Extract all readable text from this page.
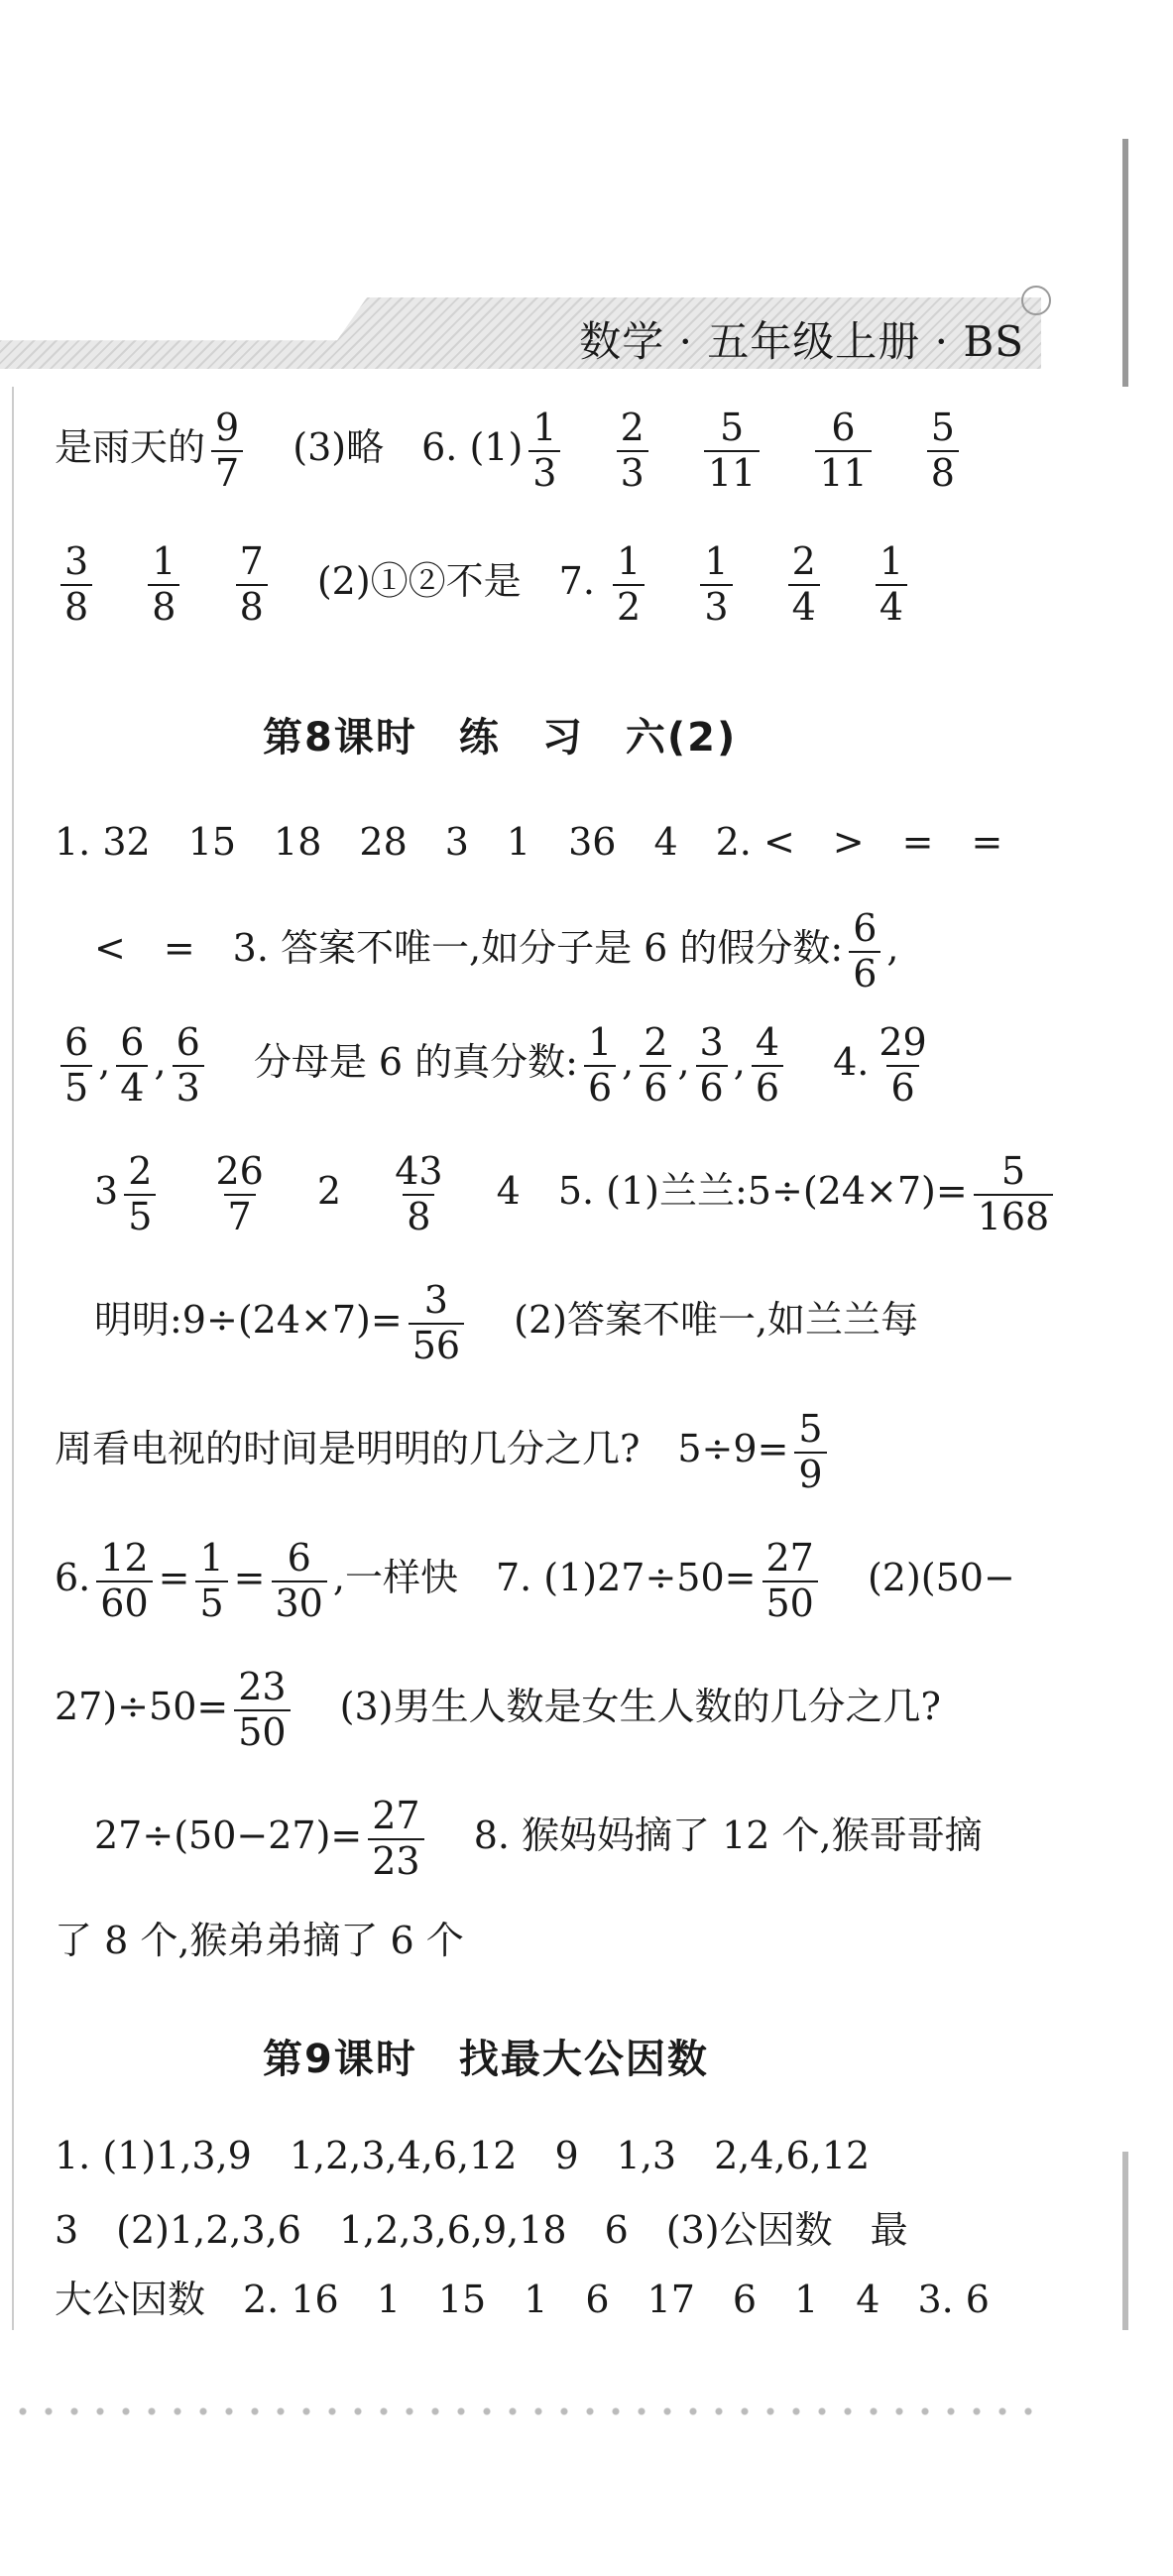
数学 · 五年级上册 · BS
是雨天的 $\frac{9}{7} (3)$略　6. $(1) \frac{1}{3}$
$\frac{2}{3}$
$\frac{5}{11}$
$\frac{6}{11}$
$\frac{5}{8}$
$\frac{3}{8}$
$\frac{1}{8}$
$\frac{7}{8}$ (2)①②不是　7. $\frac{1}{2}$
$\frac{1}{3}$
$\frac{2}{4}$
$\frac{1}{4}$
第8课时　练　习　六(2)
1. 32　15　18　28　3　1　36　4　2. <　>　=　=
<　=　3. 答案不唯一,如分子是 6 的假分数: $\frac{6}{6}$ ,
$\frac{6}{5}$ , $\frac{6}{4}$ , $\frac{6}{3}$ 分母是 6 的真分数: $\frac{1}{6}$ , $\frac{2}{6}$ , $\frac{3}{6}$ , $\frac{4}{6} 4$. $\frac{29}{6}$
$3 \frac{2}{5}$
$\frac{26}{7} 2 \frac{43}{8} 4$　5. (1)兰兰:5÷(24×7)= $\frac{5}{168}$
明明:9÷(24×7)= $\frac{3}{56} (2)$答案不唯一,如兰兰每
周看电视的时间是明明的几分之几?　$5\div 9= \frac{5}{9}$
6. $\frac{12}{60} = \frac{1}{5} = \frac{6}{30}$ ,一样快　7. $(1)27\div 50= \frac{27}{50} (2)(50-$
$27)\div 50= \frac{23}{50} (3)$男生人数是女生人数的几分之几?
$27\div(50-27)= \frac{27}{23} 8$. 猴妈妈摘了 12 个,猴哥哥摘
了 8 个,猴弟弟摘了 6 个
第9课时　找最大公因数
1. (1)1,3,9　1,2,3,4,6,12　9　1,3　2,4,6,12
3　(2)1,2,3,6　1,2,3,6,9,18　6　(3)公因数　最
大公因数　2. 16　1　15　1　6　17　6　1　4　3. 6
